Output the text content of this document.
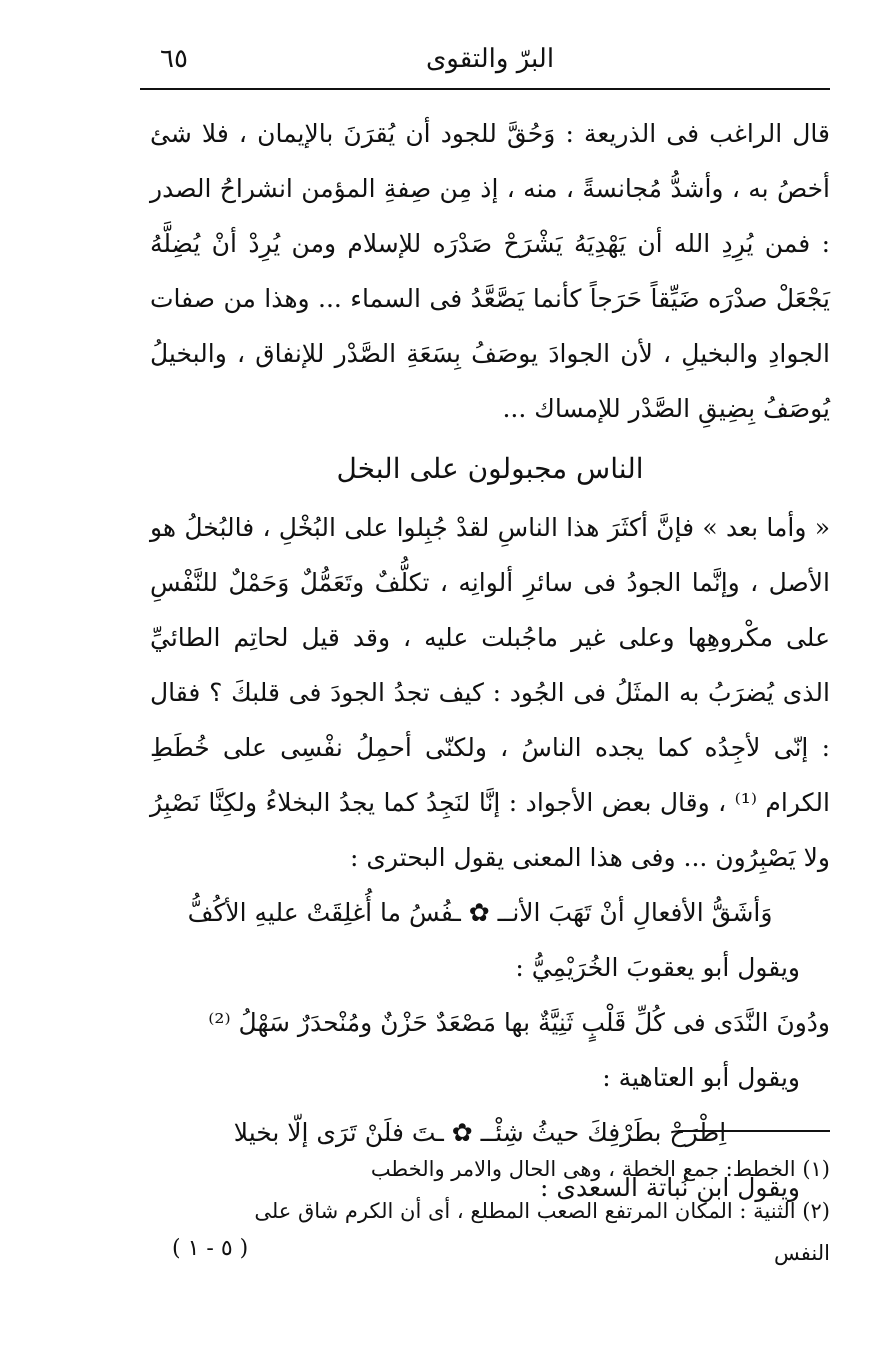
البرّ والتقوى
٦٥

قال الراغب فى الذريعة : وَحُقَّ للجود أن يُقرَنَ بالإيمان ، فلا شئ أخصُ به ، وأشدُّ مُجانسةً ، منه ، إذ مِن صِفةِ المؤمن انشراحُ الصدر : فمن يُرِدِ الله أن يَهْدِيَهُ يَشْرَحْ صَدْرَه للإسلام ومن يُرِدْ أنْ يُضِلَّهُ يَجْعَلْ صدْرَه ضَيِّقاً حَرَجاً كأنما يَصَّعَّدُ فى السماء ... وهذا من صفات الجوادِ والبخيلِ ، لأن الجوادَ يوصَفُ بِسَعَةِ الصَّدْر للإنفاق ، والبخيلُ يُوصَفُ بِضِيقِ الصَّدْر للإمساك ...

الناس مجبولون على البخل

« وأما بعد » فإنَّ أكثَرَ هذا الناسِ لقدْ جُبِلوا على البُخْلِ ، فالبُخلُ هو الأصل ، وإنَّما الجودُ فى سائرِ ألوانِه ، تكلُّفٌ وتَعَمُّلٌ وَحَمْلٌ للنَّفْسِ على مكْروهِها وعلى غير ماجُبلت عليه ، وقد قيل لحاتِم الطائيِّ الذى يُضرَبُ به المثَلُ فى الجُود : كيف تجدُ الجودَ فى قلبكَ ؟ فقال : إنّى لأجِدُه كما يجده الناسُ ، ولكنّى أحمِلُ نفْسِى على خُطَطِ الكرام ⁽¹⁾ ، وقال بعض الأجواد : إنَّا لنَجِدُ كما يجدُ البخلاءُ ولكِنَّا نَصْبِرُ ولا يَصْبِرُون ... وفى هذا المعنى يقول البحترى :

وَأشَقُّ الأفعالِ أنْ تَهَبَ الأنــ ✿ ـفُسُ ما أُغلِقَتْ عليهِ الأكُفُّ

ويقول أبو يعقوبَ الخُرَيْمِيُّ :

ودُونَ النَّدَى فى كُلِّ قَلْبٍ ثَنِيَّةٌ بها مَصْعَدٌ حَزْنٌ ومُنْحدَرٌ سَهْلُ ⁽²⁾

ويقول أبو العتاهية :

اِطْرَحْ بطَرْفِكَ حيثُ شِئْــ ✿ ـتَ فلَنْ تَرَى إلّا بخيلا

ويقول ابن نُباتة السعدى :

(١) الخطط: جمع الخطة ، وهى الحال والامر والخطب

(٢) الثنية : المكان المرتفع الصعب المطلع ، أى أن الكرم شاق على النفس

( ٥ - ١ )
